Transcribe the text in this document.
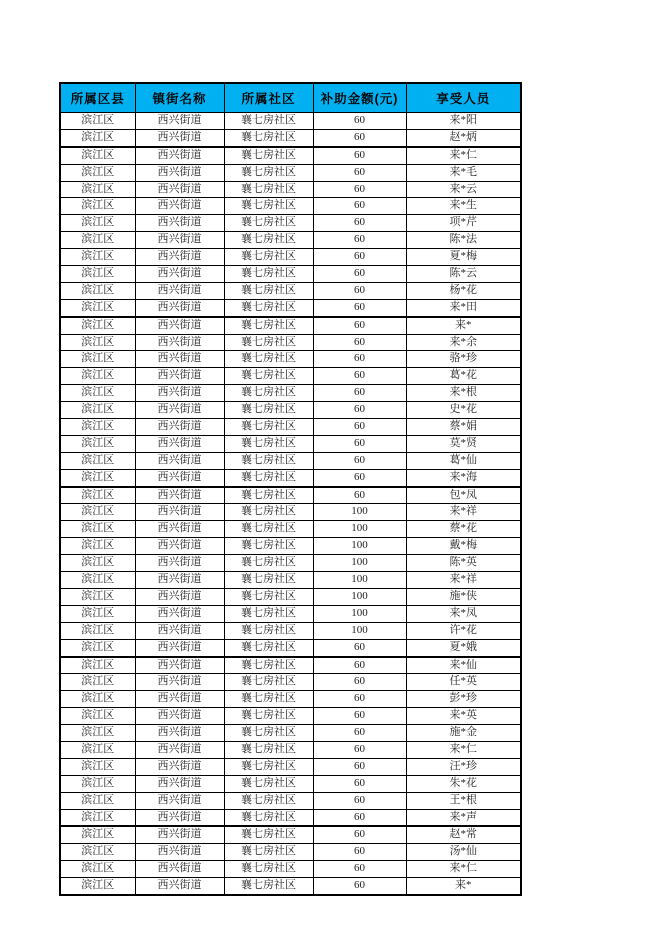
所属区县	镇街名称	所属社区	补助金额(元)	享受人员
滨江区	西兴街道	襄七房社区	60	来*阳
滨江区	西兴街道	襄七房社区	60	赵*炳
滨江区	西兴街道	襄七房社区	60	来*仁
滨江区	西兴街道	襄七房社区	60	来*毛
滨江区	西兴街道	襄七房社区	60	来*云
滨江区	西兴街道	襄七房社区	60	来*生
滨江区	西兴街道	襄七房社区	60	项*芹
滨江区	西兴街道	襄七房社区	60	陈*法
滨江区	西兴街道	襄七房社区	60	夏*梅
滨江区	西兴街道	襄七房社区	60	陈*云
滨江区	西兴街道	襄七房社区	60	杨*花
滨江区	西兴街道	襄七房社区	60	来*田
滨江区	西兴街道	襄七房社区	60	来*
滨江区	西兴街道	襄七房社区	60	来*余
滨江区	西兴街道	襄七房社区	60	骆*珍
滨江区	西兴街道	襄七房社区	60	葛*花
滨江区	西兴街道	襄七房社区	60	来*根
滨江区	西兴街道	襄七房社区	60	史*花
滨江区	西兴街道	襄七房社区	60	蔡*娟
滨江区	西兴街道	襄七房社区	60	莫*贤
滨江区	西兴街道	襄七房社区	60	葛*仙
滨江区	西兴街道	襄七房社区	60	来*海
滨江区	西兴街道	襄七房社区	60	包*凤
滨江区	西兴街道	襄七房社区	100	来*祥
滨江区	西兴街道	襄七房社区	100	蔡*花
滨江区	西兴街道	襄七房社区	100	戴*梅
滨江区	西兴街道	襄七房社区	100	陈*英
滨江区	西兴街道	襄七房社区	100	来*祥
滨江区	西兴街道	襄七房社区	100	施*侠
滨江区	西兴街道	襄七房社区	100	来*凤
滨江区	西兴街道	襄七房社区	100	许*花
滨江区	西兴街道	襄七房社区	60	夏*娥
滨江区	西兴街道	襄七房社区	60	来*仙
滨江区	西兴街道	襄七房社区	60	任*英
滨江区	西兴街道	襄七房社区	60	彭*珍
滨江区	西兴街道	襄七房社区	60	来*英
滨江区	西兴街道	襄七房社区	60	施*金
滨江区	西兴街道	襄七房社区	60	来*仁
滨江区	西兴街道	襄七房社区	60	汪*珍
滨江区	西兴街道	襄七房社区	60	朱*花
滨江区	西兴街道	襄七房社区	60	王*根
滨江区	西兴街道	襄七房社区	60	来*声
滨江区	西兴街道	襄七房社区	60	赵*常
滨江区	西兴街道	襄七房社区	60	汤*仙
滨江区	西兴街道	襄七房社区	60	来*仁
滨江区	西兴街道	襄七房社区	60	来*
